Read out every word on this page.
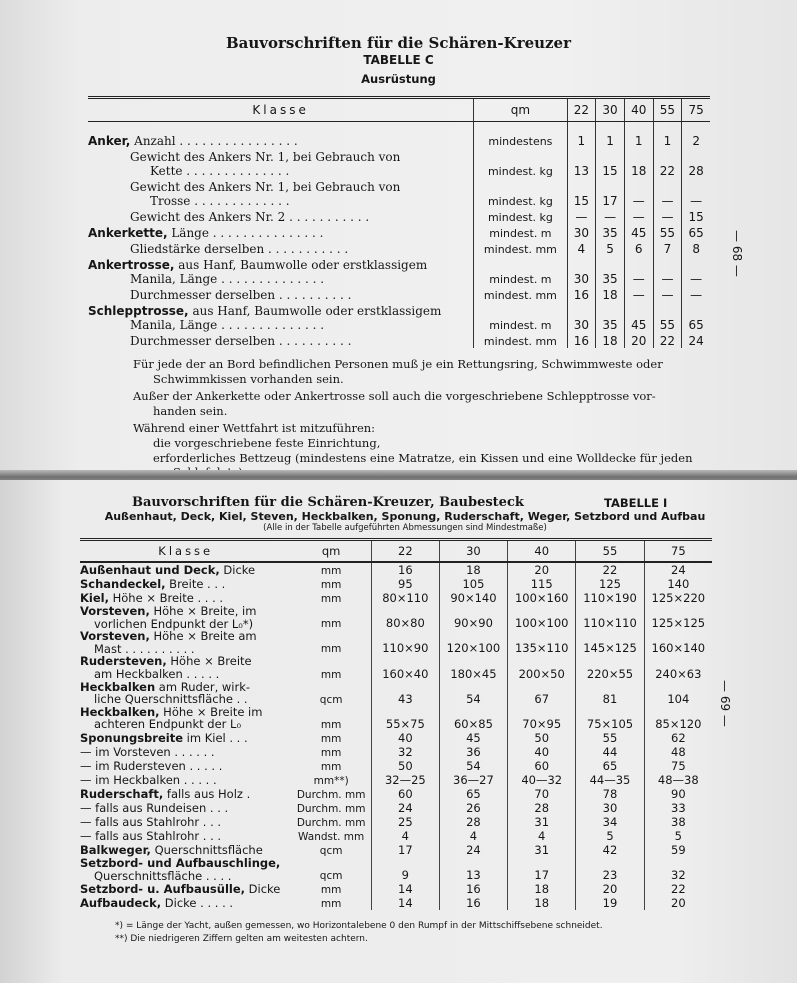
Bauvorschriften für die Schären-Kreuzer
TABELLE C
Ausrüstung
Klasse	qm	22	30	40	55	75

Anker, Anzahl . . . . . . . . . . . . . . . .	mindestens	1	1	1	1	2

Gewicht des Ankers Nr. 1, bei Gebrauch von
Kette . . . . . . . . . . . . . .	mindest. kg	13	15	18	22	28

Gewicht des Ankers Nr. 1, bei Gebrauch von
Trosse . . . . . . . . . . . . .	mindest. kg	15	17	—	—	—

Gewicht des Ankers Nr. 2 . . . . . . . . . . .	mindest. kg	—	—	—	—	15

Ankerkette, Länge . . . . . . . . . . . . . . .	mindest. m	30	35	45	55	65

Gliedstärke derselben . . . . . . . . . . .	mindest. mm	4	5	6	7	8

Ankertrosse, aus Hanf, Baumwolle oder erstklassigem
Manila, Länge . . . . . . . . . . . . . .	mindest. m	30	35	—	—	—

Durchmesser derselben . . . . . . . . . .	mindest. mm	16	18	—	—	—

Schlepptrosse, aus Hanf, Baumwolle oder erstklassigem
Manila, Länge . . . . . . . . . . . . . .	mindest. m	30	35	45	55	65

Durchmesser derselben . . . . . . . . . .	mindest. mm	16	18	20	22	24

Für jede der an Bord befindlichen Personen muß je ein Rettungsring, Schwimmweste oder

Schwimmkissen vorhanden sein.

Außer der Ankerkette oder Ankertrosse soll auch die vorgeschriebene Schlepptrosse vor-

handen sein.

Während einer Wettfahrt ist mitzuführen:

die vorgeschriebene feste Einrichtung,

erforderliches Bettzeug (mindestens eine Matratze, ein Kissen und eine Wolldecke für jeden

— 68 —
Bauvorschriften für die Schären-Kreuzer, Baubesteck	TABELLE I
Außenhaut, Deck, Kiel, Steven, Heckbalken, Sponung, Ruderschaft, Weger, Setzbord und Aufbau
(Alle in der Tabelle aufgeführten Abmessungen sind Mindestmaße)
Klasse	qm	22	30	40	55	75

Außenhaut und Deck, Dicke	mm	16	18	20	22	24

Schandeckel, Breite . . .	mm	95	105	115	125	140

Kiel, Höhe × Breite . . . .	mm	80×110	90×140	100×160	110×190	125×220

Vorsteven, Höhe × Breite, im
vorlichen Endpunkt der L₀*)	mm	80×80	90×90	100×100	110×110	125×125

Vorsteven, Höhe × Breite am
Mast . . . . . . . . . .	mm	110×90	120×100	135×110	145×125	160×140

Rudersteven, Höhe × Breite
am Heckbalken . . . . .	mm	160×40	180×45	200×50	220×55	240×63

Heckbalken am Ruder, wirk-
liche Querschnittsfläche . .	qcm	43	54	67	81	104

Heckbalken, Höhe × Breite im
achteren Endpunkt der L₀	mm	55×75	60×85	70×95	75×105	85×120

Sponungsbreite im Kiel . . .	mm	40	45	50	55	62

— im Vorsteven . . . . . .	mm	32	36	40	44	48

— im Rudersteven . . . . .	mm	50	54	60	65	75

— im Heckbalken . . . . .	mm**)	32—25	36—27	40—32	44—35	48—38

Ruderschaft, falls aus Holz .	Durchm. mm	60	65	70	78	90

— falls aus Rundeisen . . .	Durchm. mm	24	26	28	30	33

— falls aus Stahlrohr . . .	Durchm. mm	25	28	31	34	38

— falls aus Stahlrohr . . .	Wandst. mm	4	4	4	5	5

Balkweger, Querschnittsfläche	qcm	17	24	31	42	59

Setzbord- und Aufbauschlinge,
Querschnittsfläche . . . .	qcm	9	13	17	23	32

Setzbord- u. Aufbausülle, Dicke	mm	14	16	18	20	22

Aufbaudeck, Dicke . . . . .	mm	14	16	18	19	20
*) = Länge der Yacht, außen gemessen, wo Horizontalebene 0 den Rumpf in der Mittschiffsebene schneidet.
**) Die niedrigeren Ziffern gelten am weitesten achtern.
— 69 —
